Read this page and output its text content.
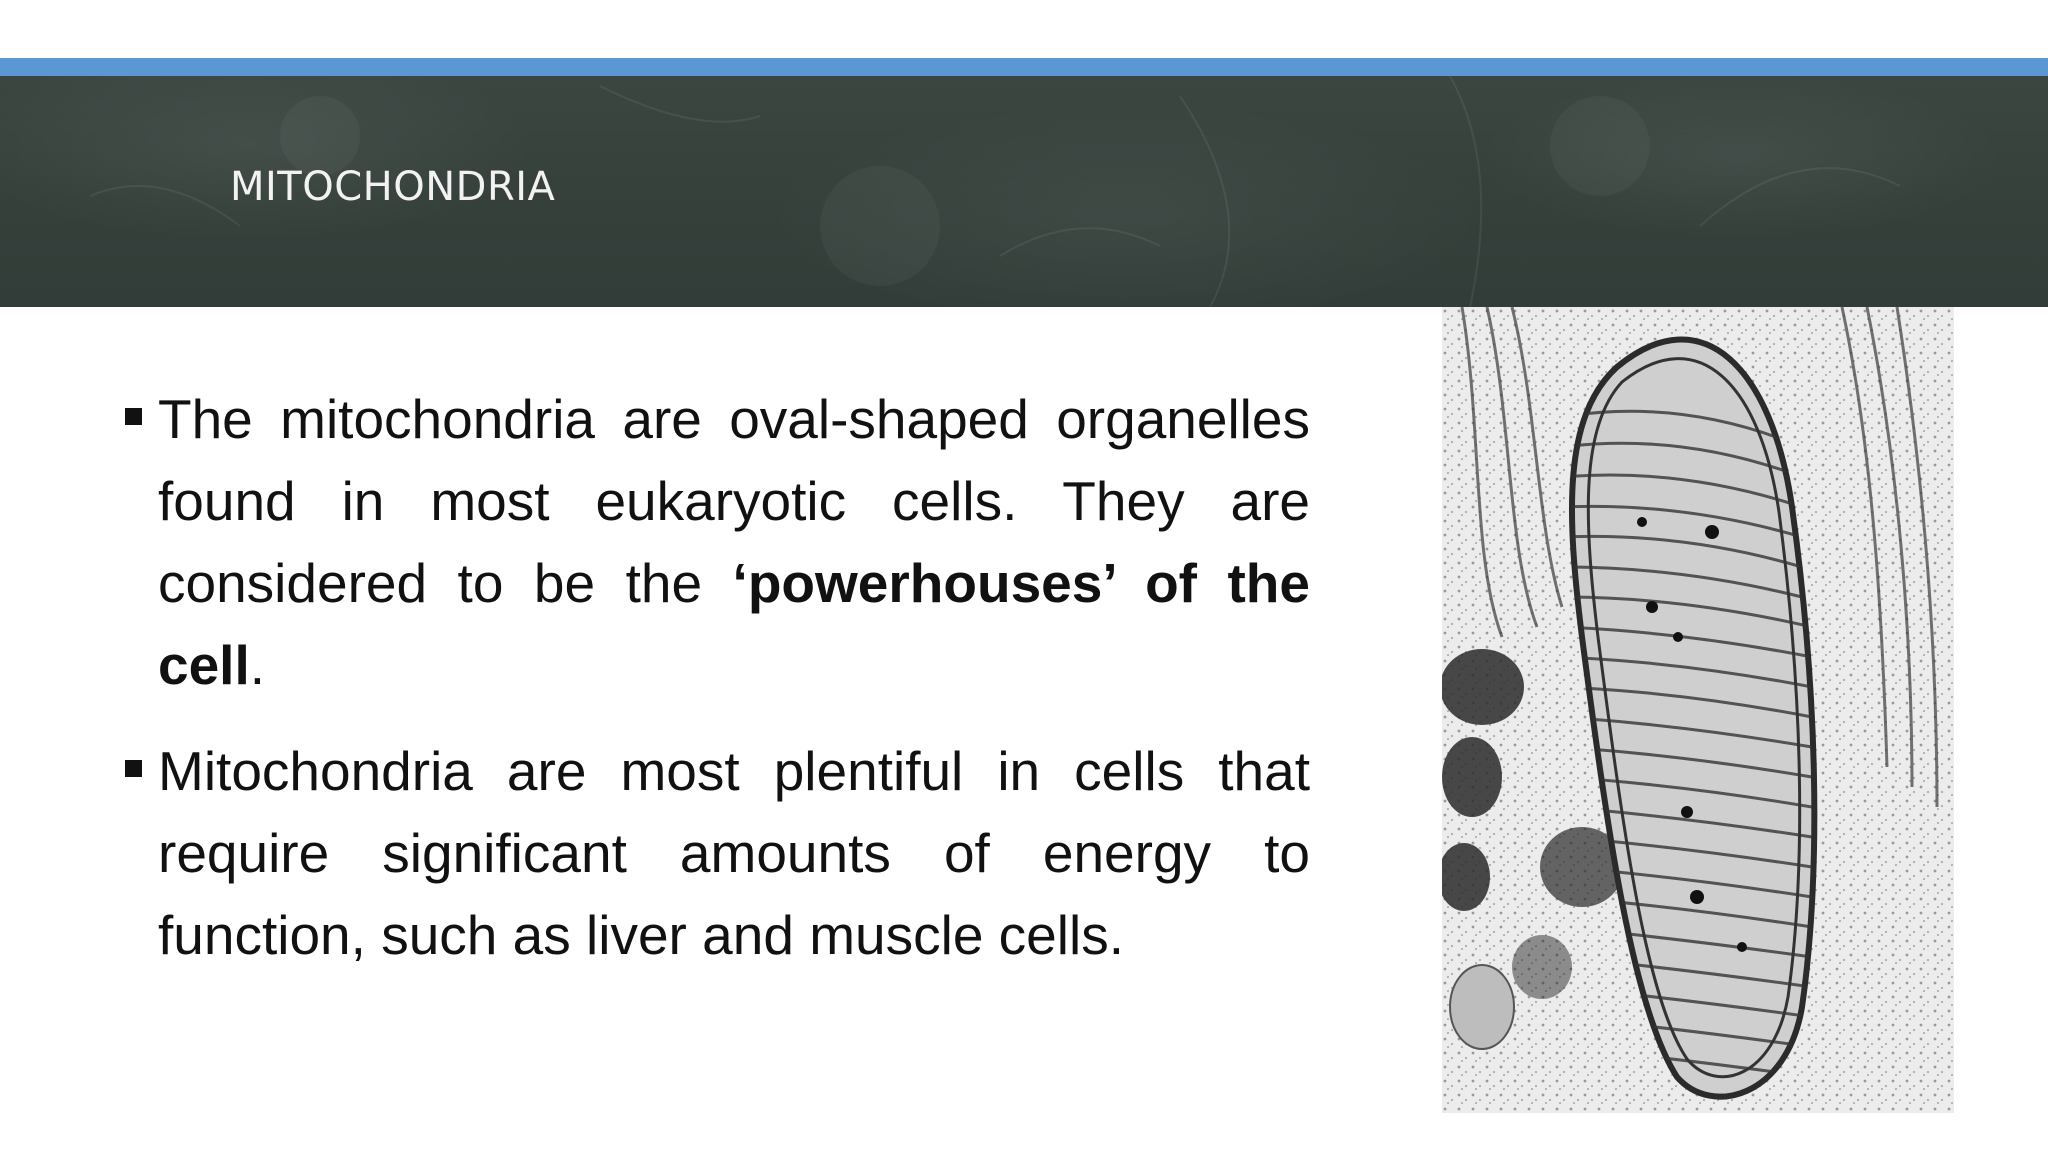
MITOCHONDRIA
The mitochondria are oval-shaped organelles found in most eukaryotic cells. They are considered to be the ‘powerhouses’ of the cell.
Mitochondria are most plentiful in cells that require significant amounts of energy to function, such as liver and muscle cells.
